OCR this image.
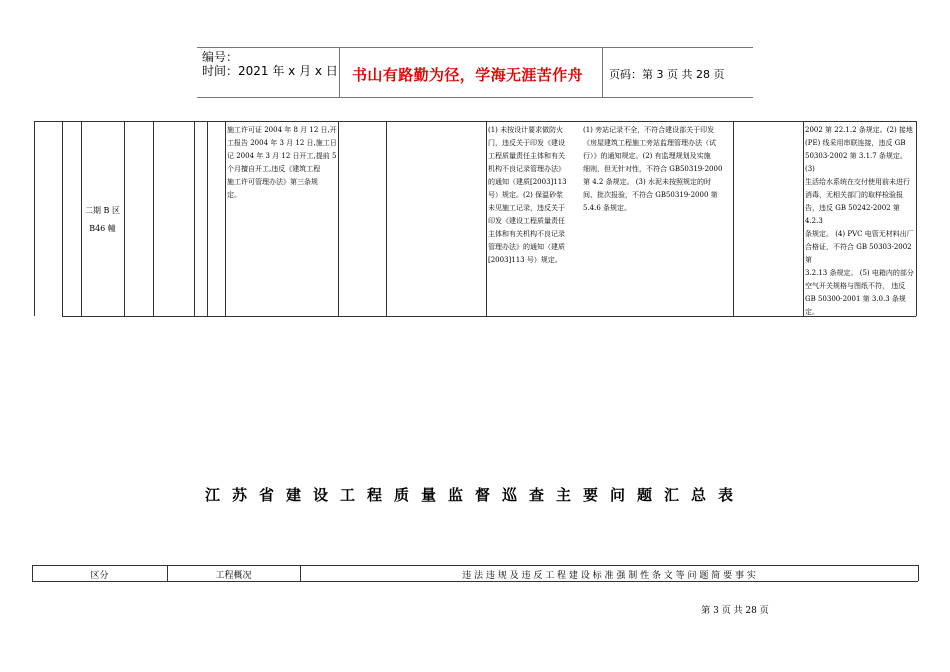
编号：
时间：2021 年 x 月 x 日 书山有路勤为径，学海无涯苦作舟 页码：第 3 页 共 28 页
二期 B 区
B46 幢
施工许可证 2004 年 8 月 12 日,开
工报告 2004 年 3 月 12 日,施工日
记 2004 年 3 月 12 日开工,提前 5
个月擅自开工,违反《建筑工程
施工许可管理办法》第三条规
定。
(1) 未按设计要求做防火
门，违反关于印发《建设
工程质量责任主体和有关
机构不良记录管理办法》
的通知（建质[2003]113
号）规定。(2) 保温砂浆
未见施工记录，违反关于
印发《建设工程质量责任
主体和有关机构不良记录
管理办法》的通知（建质
[2003]113 号）规定。
(1) 旁站记录不全，不符合建设部关于印发
《房屋建筑工程施工旁站监理管理办法（试
行）》的通知规定。(2) 有监理规划及实施
细则，但无针对性，不符合 GB50319-2000
第 4.2 条规定。 (3) 水泥未按照规定的时
间、批次报验，不符合 GB50319-2000 第
5.4.6 条规定。
2002 第 22.1.2 条规定。(2) 接地
(PE) 线采用串联连接，违反 GB
50303-2002 第 3.1.7 条规定。 (3)
生活给水系统在交付使用前未进行
消毒，无相关部门的取样检验报
告，违反 GB 50242-2002 第 4.2.3
条规定。 (4) PVC 电管无材料出厂
合格证，不符合 GB 50303-2002 第
3.2.13 条规定。 (5) 电箱内的部分
空气开关规格与图纸不符， 违反
GB 50300-2001 第 3.0.3 条规定。
江苏省建设工程质量监督巡查主要问题汇总表
区分	工程概况	违 法 违 规 及 违 反 工 程 建 设 标 准 强 制 性 条 文 等 问 题 简 要 事 实
第 3 页 共 28 页
